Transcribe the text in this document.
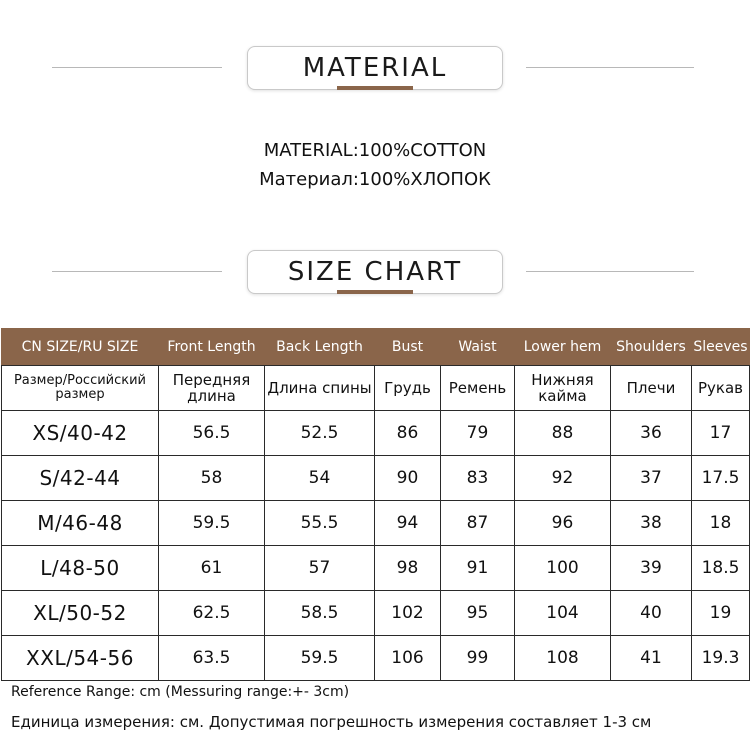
MATERIAL
MATERIAL:100%COTTON
Материал:100%ХЛОПОК
SIZE CHART
CN SIZE/RU SIZE	Front Length	Back Length	Bust	Waist	Lower hem	Shoulders	Sleeves
Размер/Российский размер	Передняя длина	Длина спины	Грудь	Ремень	Нижняя кайма	Плечи	Рукав
XS/40-42	56.5	52.5	86	79	88	36	17
S/42-44	58	54	90	83	92	37	17.5
M/46-48	59.5	55.5	94	87	96	38	18
L/48-50	61	57	98	91	100	39	18.5
XL/50-52	62.5	58.5	102	95	104	40	19
XXL/54-56	63.5	59.5	106	99	108	41	19.3
Reference Range: cm (Messuring range:+- 3cm)
Единица измерения: см. Допустимая погрешность измерения составляет 1-3 см
